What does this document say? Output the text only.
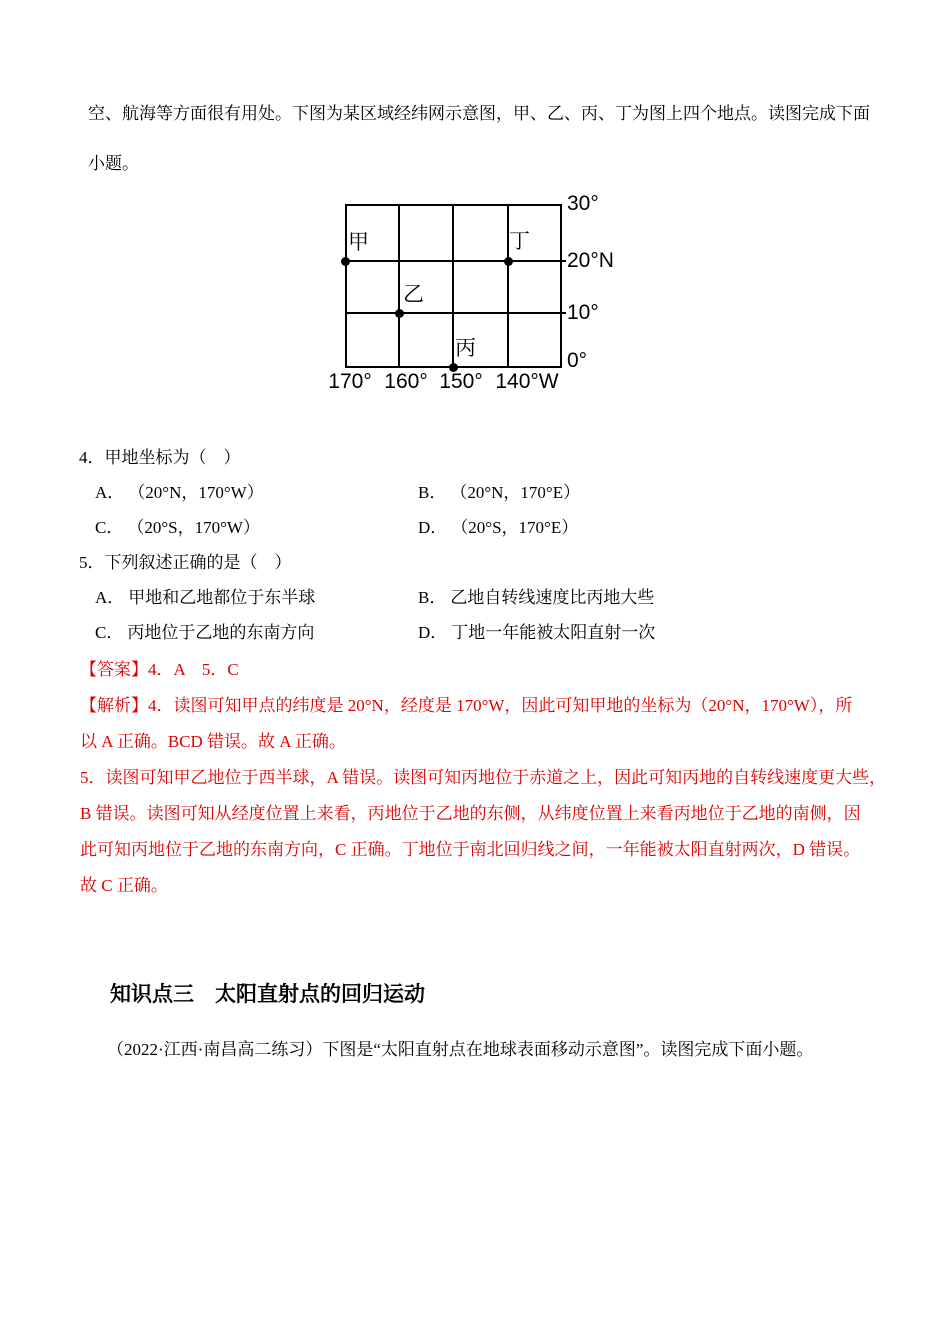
空、航海等方面很有用处。下图为某区域经纬网示意图，甲、乙、丙、丁为图上四个地点。读图完成下面
小题。
甲
乙
丙
丁
30°
20°N
10°
0°
170° 160° 150° 140°W
4．甲地坐标为（　）
A． （20°N，170°W）	B． （20°N，170°E）
C． （20°S，170°W）	D． （20°S，170°E）
5．下列叙述正确的是（　）
A． 甲地和乙地都位于东半球	B． 乙地自转线速度比丙地大些
C． 丙地位于乙地的东南方向	D． 丁地一年能被太阳直射一次
【答案】4．A　5．C
【解析】4．读图可知甲点的纬度是 20°N，经度是 170°W，因此可知甲地的坐标为（20°N，170°W），所
以 A 正确。BCD 错误。故 A 正确。
5．读图可知甲乙地位于西半球，A 错误。读图可知丙地位于赤道之上，因此可知丙地的自转线速度更大些，
B 错误。读图可知从经度位置上来看，丙地位于乙地的东侧，从纬度位置上来看丙地位于乙地的南侧，因
此可知丙地位于乙地的东南方向，C 正确。丁地位于南北回归线之间，一年能被太阳直射两次，D 错误。
故 C 正确。
知识点三　太阳直射点的回归运动
（2022·江西·南昌高二练习）下图是“太阳直射点在地球表面移动示意图”。读图完成下面小题。
